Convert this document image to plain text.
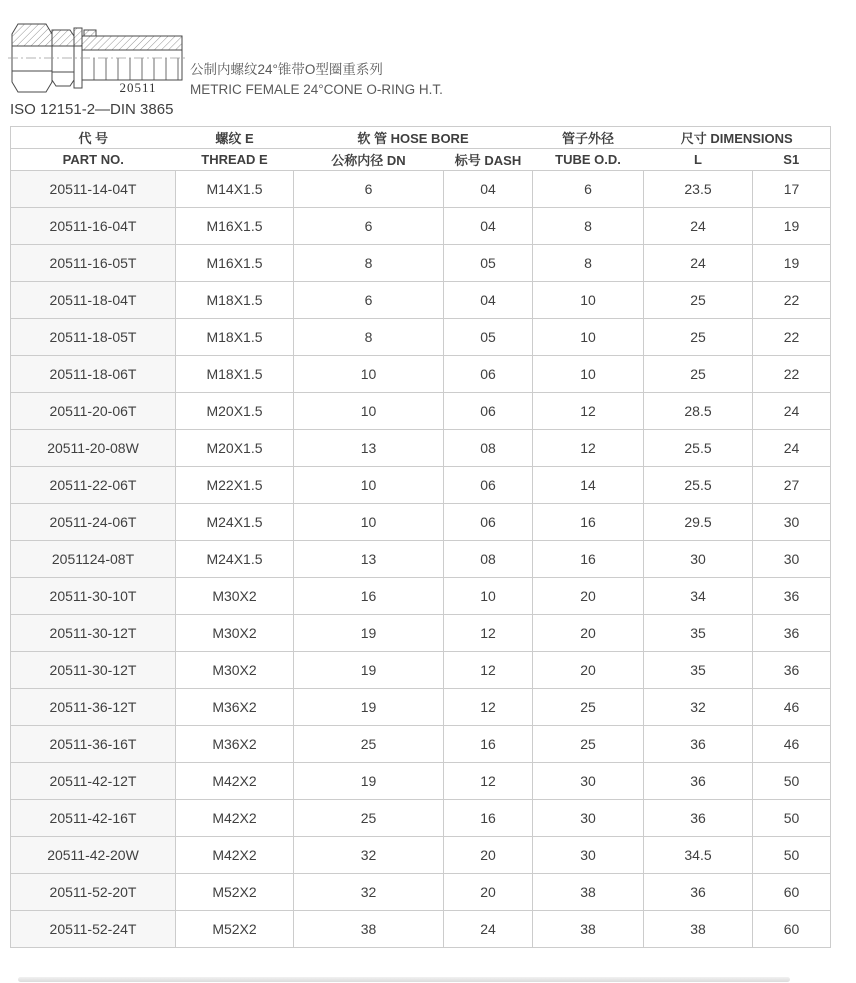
20511
公制内螺纹24°锥带O型圈重系列
METRIC FEMALE 24°CONE O-RING H.T.
ISO 12151-2—DIN 3865
代 号	螺纹 E	软 管 HOSE BORE		管子外径	尺寸 DIMENSIONS	
PART NO.	THREAD E	公称内径 DN	标号 DASH	TUBE O.D.	L	S1
20511-14-04T	M14X1.5	6	04	6	23.5	17
20511-16-04T	M16X1.5	6	04	8	24	19
20511-16-05T	M16X1.5	8	05	8	24	19
20511-18-04T	M18X1.5	6	04	10	25	22
20511-18-05T	M18X1.5	8	05	10	25	22
20511-18-06T	M18X1.5	10	06	10	25	22
20511-20-06T	M20X1.5	10	06	12	28.5	24
20511-20-08W	M20X1.5	13	08	12	25.5	24
20511-22-06T	M22X1.5	10	06	14	25.5	27
20511-24-06T	M24X1.5	10	06	16	29.5	30
2051124-08T	M24X1.5	13	08	16	30	30
20511-30-10T	M30X2	16	10	20	34	36
20511-30-12T	M30X2	19	12	20	35	36
20511-30-12T	M30X2	19	12	20	35	36
20511-36-12T	M36X2	19	12	25	32	46
20511-36-16T	M36X2	25	16	25	36	46
20511-42-12T	M42X2	19	12	30	36	50
20511-42-16T	M42X2	25	16	30	36	50
20511-42-20W	M42X2	32	20	30	34.5	50
20511-52-20T	M52X2	32	20	38	36	60
20511-52-24T	M52X2	38	24	38	38	60
